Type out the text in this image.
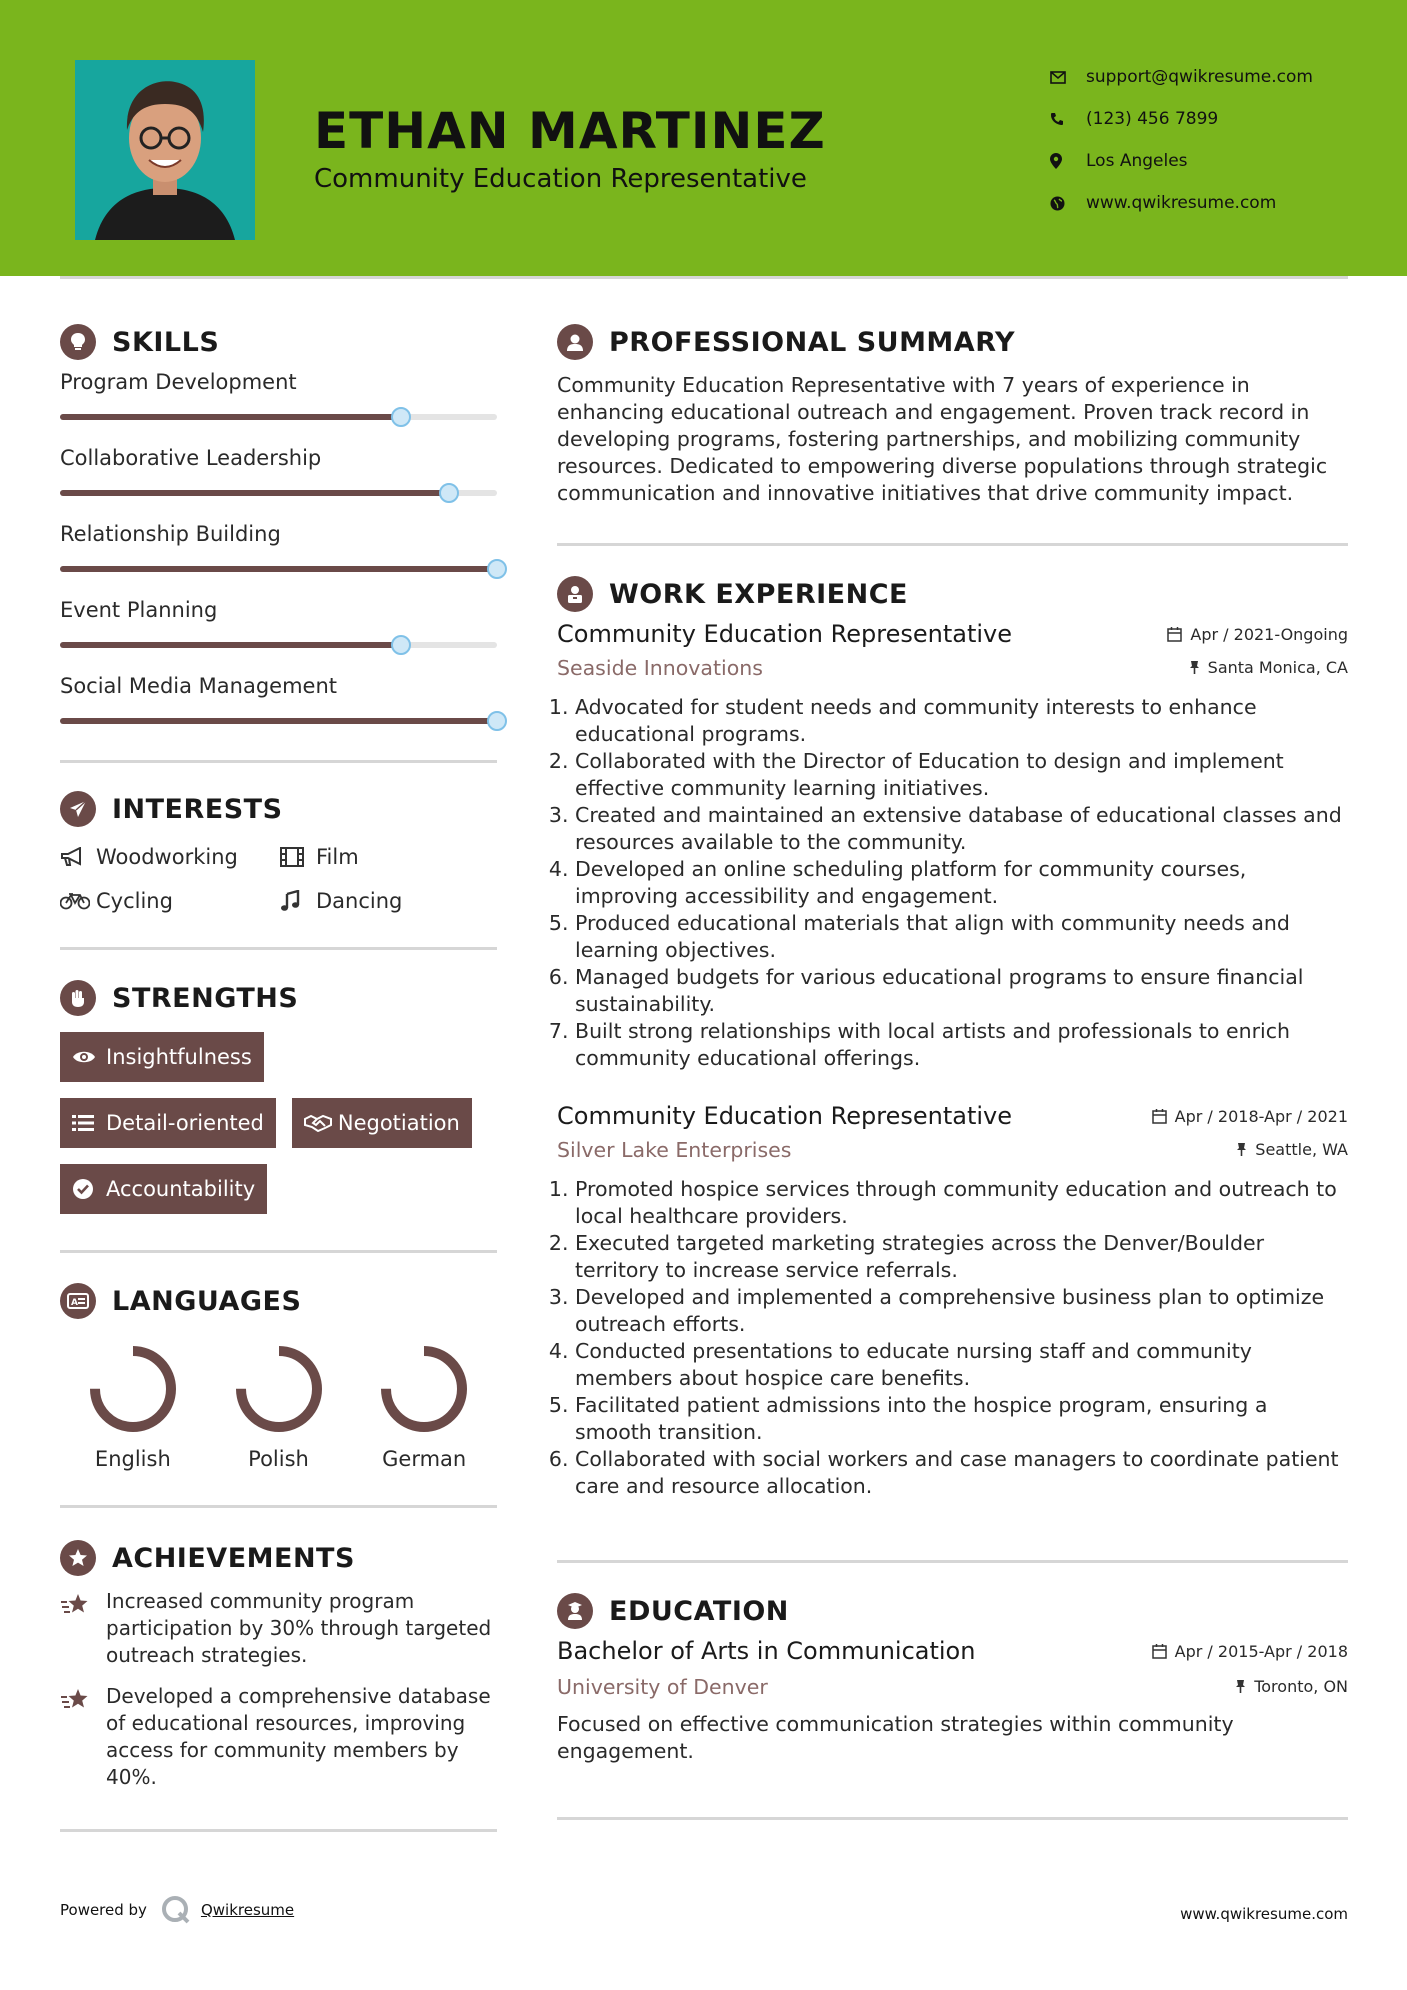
ETHAN MARTINEZ
Community Education Representative
support@qwikresume.com
(123) 456 7899
Los Angeles
www.qwikresume.com
SKILLS
Program Development
Collaborative Leadership
Relationship Building
Event Planning
Social Media Management
INTERESTS
Woodworking	Film
Cycling	Dancing
STRENGTHS
Insightfulness
Detail-oriented	Negotiation
Accountability
A LANGUAGES
English	Polish	German
ACHIEVEMENTS
Increased community program participation by 30% through targeted outreach strategies.
Developed a comprehensive database of educational resources, improving access for community members by 40%.
Powered by	Qwikresume	www.qwikresume.com
PROFESSIONAL SUMMARY

Community Education Representative with 7 years of experience in enhancing educational outreach and engagement. Proven track record in developing programs, fostering partnerships, and mobilizing community resources. Dedicated to empowering diverse populations through strategic communication and innovative initiatives that drive community impact.

WORK EXPERIENCE
Community Education Representative	Apr / 2021-Ongoing
Seaside Innovations	Santa Monica, CA
1. Advocated for student needs and community interests to enhance educational programs.
2. Collaborated with the Director of Education to design and implement effective community learning initiatives.
3. Created and maintained an extensive database of educational classes and resources available to the community.
4. Developed an online scheduling platform for community courses, improving accessibility and engagement.
5. Produced educational materials that align with community needs and learning objectives.
6. Managed budgets for various educational programs to ensure financial sustainability.
7. Built strong relationships with local artists and professionals to enrich community educational offerings.
Community Education Representative	Apr / 2018-Apr / 2021
Silver Lake Enterprises	Seattle, WA
1. Promoted hospice services through community education and outreach to local healthcare providers.
2. Executed targeted marketing strategies across the Denver/Boulder territory to increase service referrals.
3. Developed and implemented a comprehensive business plan to optimize outreach efforts.
4. Conducted presentations to educate nursing staff and community members about hospice care benefits.
5. Facilitated patient admissions into the hospice program, ensuring a smooth transition.
6. Collaborated with social workers and case managers to coordinate patient care and resource allocation.
EDUCATION
Bachelor of Arts in Communication	Apr / 2015-Apr / 2018
University of Denver	Toronto, ON

Focused on effective communication strategies within community engagement.
